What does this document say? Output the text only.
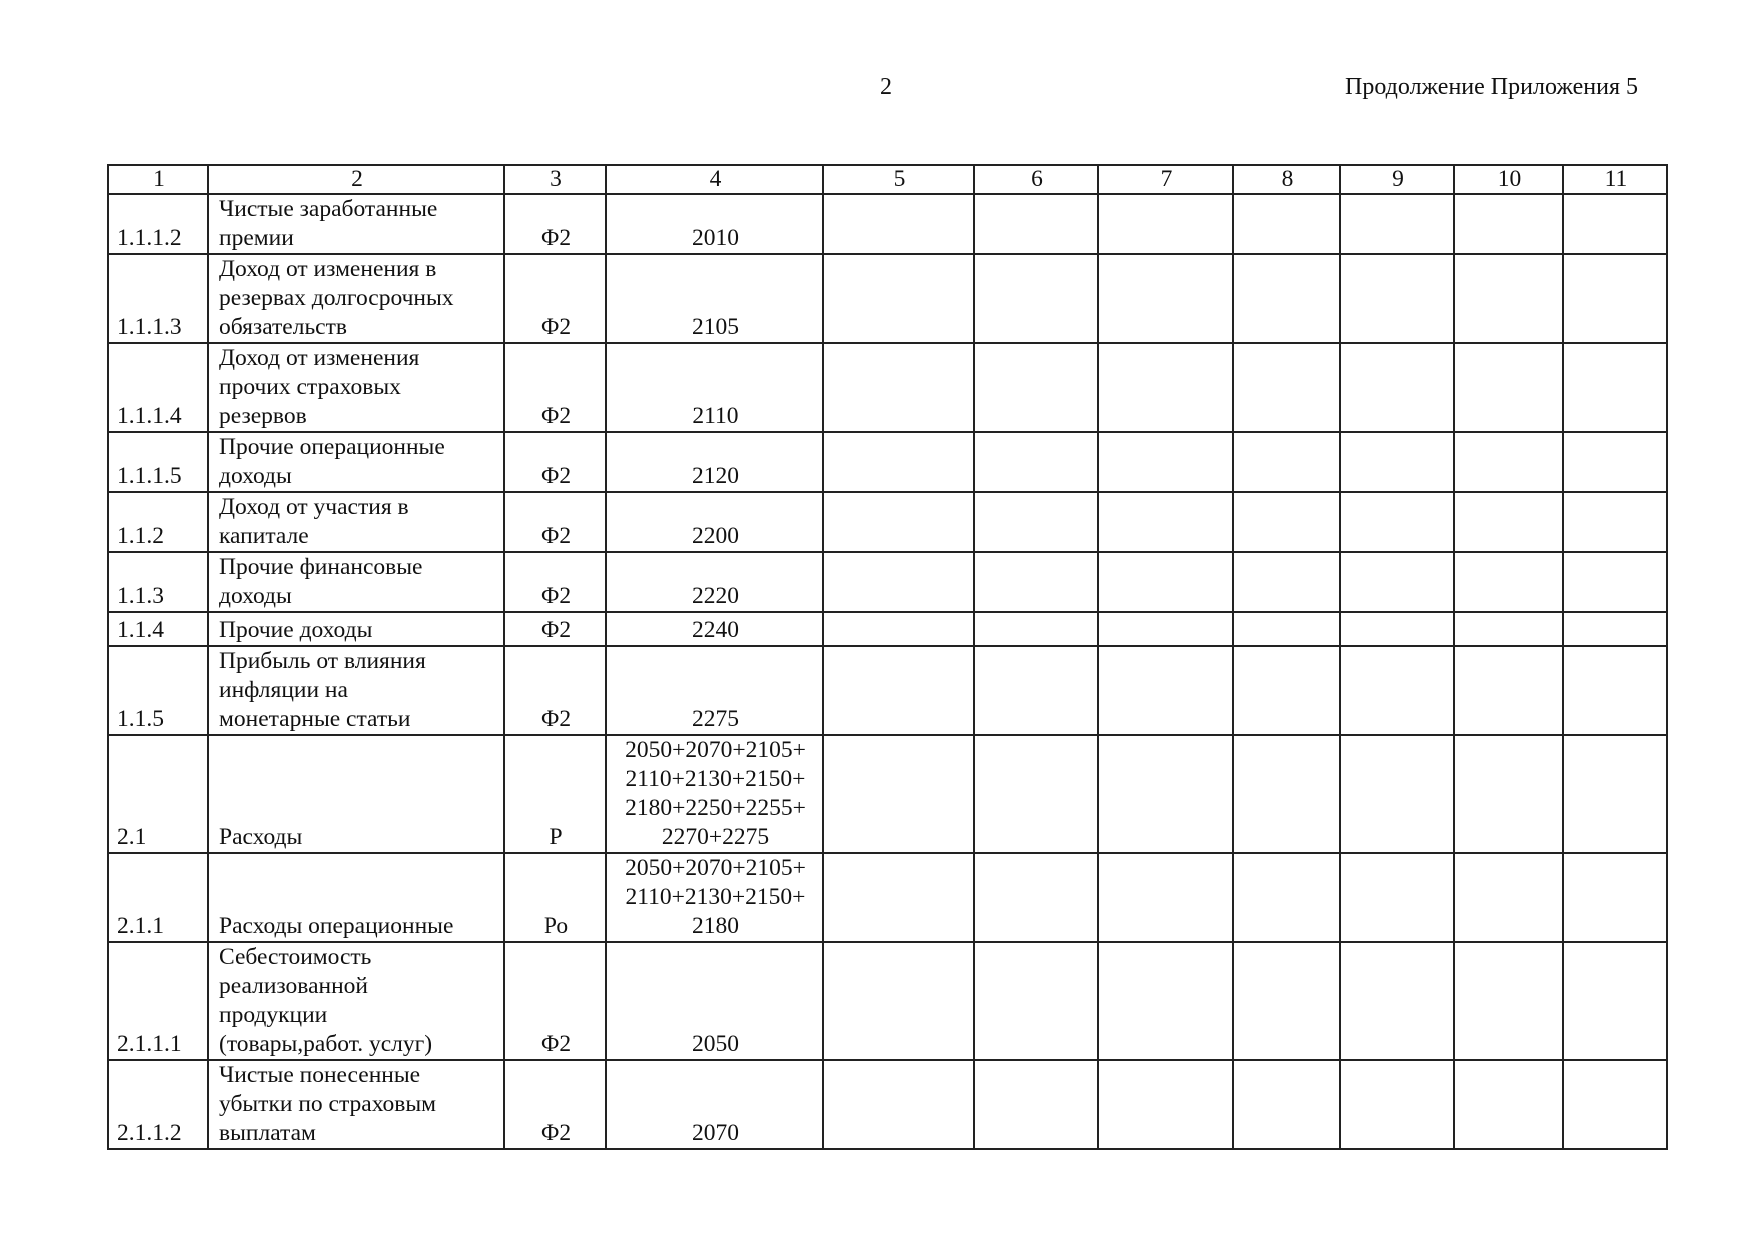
2	Продолжение Приложения 5
1	2	3	4	5	6	7	8	9	10	11
1.1.1.2	Чистые заработанные
премии	Ф2	2010							

1.1.1.3	Доход от изменения в
резервах долгосрочных
обязательств	Ф2	2105							

1.1.1.4	Доход от изменения
прочих страховых
резервов	Ф2	2110							

1.1.1.5	Прочие операционные
доходы	Ф2	2120							

1.1.2	Доход от участия в
капитале	Ф2	2200							

1.1.3	Прочие финансовые
доходы	Ф2	2220							

1.1.4	Прочие доходы	Ф2	2240							

1.1.5	Прибыль от влияния
инфляции на
монетарные статьи	Ф2	2275							

2.1	Расходы	Р	2050+2070+2105+
2110+2130+2150+
2180+2250+2255+
2270+2275							

2.1.1	Расходы операционные	Ро	2050+2070+2105+
2110+2130+2150+
2180							

2.1.1.1	Себестоимость
реализованной
продукции
(товары,работ. услуг)	Ф2	2050							

2.1.1.2	Чистые понесенные
убытки по страховым
выплатам	Ф2	2070							
